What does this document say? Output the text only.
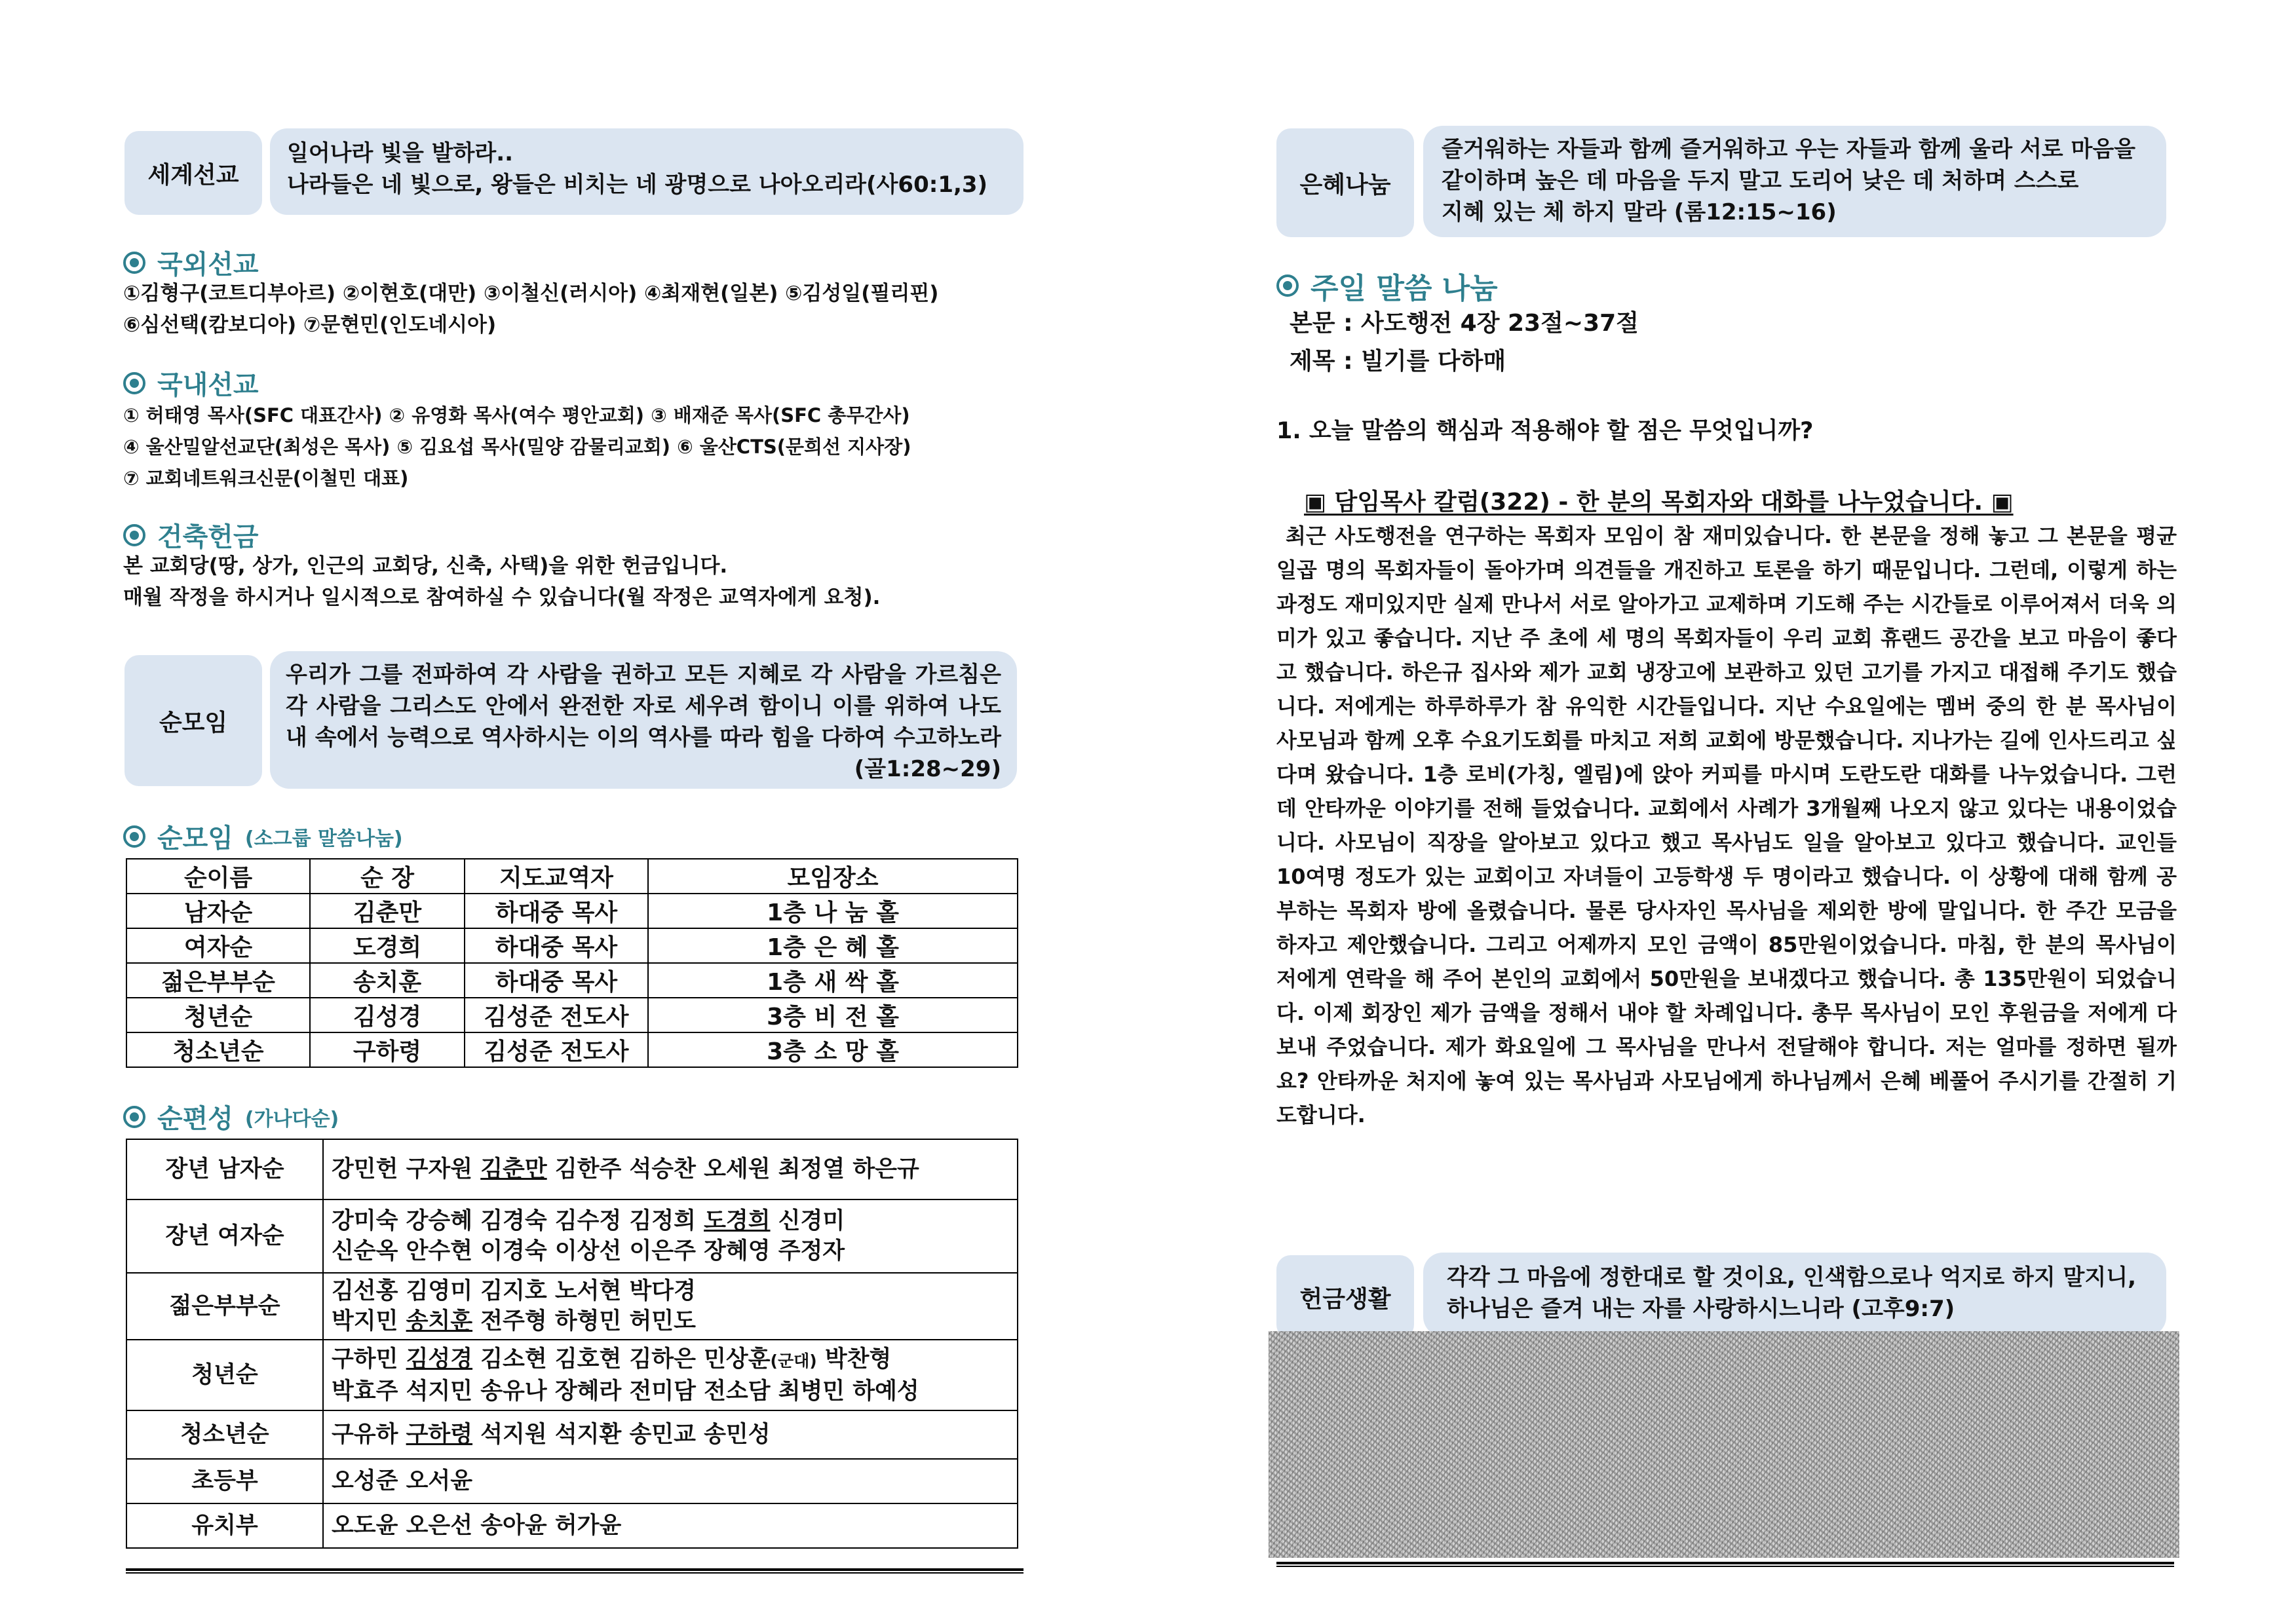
세계선교
일어나라 빛을 발하라..
나라들은 네 빛으로, 왕들은 비치는 네 광명으로 나아오리라(사60:1,3)
국외선교
①김형구(코트디부아르) ②이현호(대만) ③이철신(러시아) ④최재현(일본) ⑤김성일(필리핀)
⑥심선택(캄보디아) ⑦문현민(인도네시아)
국내선교
① 허태영 목사(SFC 대표간사) ② 유영화 목사(여수 평안교회) ③ 배재준 목사(SFC 총무간사)
④ 울산밀알선교단(최성은 목사) ⑤ 김요섭 목사(밀양 감물리교회) ⑥ 울산CTS(문희선 지사장)
⑦ 교회네트워크신문(이철민 대표)
건축헌금
본 교회당(땅, 상가, 인근의 교회당, 신축, 사택)을 위한 헌금입니다.
매월 작정을 하시거나 일시적으로 참여하실 수 있습니다(월 작정은 교역자에게 요청).
순모임
우리가 그를 전파하여 각 사람을 권하고 모든 지혜로 각 사람을 가르침은
각 사람을 그리스도 안에서 완전한 자로 세우려 함이니 이를 위하여 나도
내 속에서 능력으로 역사하시는 이의 역사를 따라 힘을 다하여 수고하노라
(골1:28~29)
순모임 (소그룹 말씀나눔)
순이름	순 장	지도교역자	모임장소
남자순	김춘만	하대중 목사	1층 나 눔 홀
여자순	도경희	하대중 목사	1층 은 혜 홀
젊은부부순	송치훈	하대중 목사	1층 새 싹 홀
청년순	김성경	김성준 전도사	3층 비 전 홀
청소년순	구하령	김성준 전도사	3층 소 망 홀
순편성 (가나다순)
장년 남자순	강민헌 구자원 김춘만 김한주 석승찬 오세원 최정열 하은규
장년 여자순	강미숙 강승혜 김경숙 김수정 김정희 도경희 신경미
신순옥 안수현 이경숙 이상선 이은주 장혜영 주정자

젊은부부순	김선홍 김영미 김지호 노서현 박다경
박지민 송치훈 전주형 하형민 허민도

청년순	구하민 김성경 김소현 김호현 김하은 민상훈(군대) 박찬형
박효주 석지민 송유나 장혜라 전미담 전소담 최병민 하예성

청소년순	구유하 구하령 석지원 석지환 송민교 송민성
초등부	오성준 오서윤
유치부	오도윤 오은선 송아윤 허가윤
은혜나눔
즐거워하는 자들과 함께 즐거워하고 우는 자들과 함께 울라 서로 마음을
같이하며 높은 데 마음을 두지 말고 도리어 낮은 데 처하며 스스로
지혜 있는 체 하지 말라 (롬12:15~16)
주일 말씀 나눔
본문 : 사도행전 4장 23절~37절
제목 : 빌기를 다하매
1. 오늘 말씀의 핵심과 적용해야 할 점은 무엇입니까?
▣ 담임목사 칼럼(322) - 한 분의 목회자와 대화를 나누었습니다. ▣

최근 사도행전을 연구하는 목회자 모임이 참 재미있습니다. 한 본문을 정해 놓고 그 본문을 평균 일곱 명의 목회자들이 돌아가며 의견들을 개진하고 토론을 하기 때문입니다. 그런데, 이렇게 하는 과정도 재미있지만 실제 만나서 서로 알아가고 교제하며 기도해 주는 시간들로 이루어져서 더욱 의미가 있고 좋습니다. 지난 주 초에 세 명의 목회자들이 우리 교회 휴랜드 공간을 보고 마음이 좋다고 했습니다. 하은규 집사와 제가 교회 냉장고에 보관하고 있던 고기를 가지고 대접해 주기도 했습니다. 저에게는 하루하루가 참 유익한 시간들입니다. 지난 수요일에는 멤버 중의 한 분 목사님이 사모님과 함께 오후 수요기도회를 마치고 저희 교회에 방문했습니다. 지나가는 길에 인사드리고 싶다며 왔습니다. 1층 로비(가칭, 엘림)에 앉아 커피를 마시며 도란도란 대화를 나누었습니다. 그런데 안타까운 이야기를 전해 들었습니다. 교회에서 사례가 3개월째 나오지 않고 있다는 내용이었습니다. 사모님이 직장을 알아보고 있다고 했고 목사님도 일을 알아보고 있다고 했습니다. 교인들 10여명 정도가 있는 교회이고 자녀들이 고등학생 두 명이라고 했습니다. 이 상황에 대해 함께 공부하는 목회자 방에 올렸습니다. 물론 당사자인 목사님을 제외한 방에 말입니다. 한 주간 모금을 하자고 제안했습니다. 그리고 어제까지 모인 금액이 85만원이었습니다. 마침, 한 분의 목사님이 저에게 연락을 해 주어 본인의 교회에서 50만원을 보내겠다고 했습니다. 총 135만원이 되었습니다. 이제 회장인 제가 금액을 정해서 내야 할 차례입니다. 총무 목사님이 모인 후원금을 저에게 다 보내 주었습니다. 제가 화요일에 그 목사님을 만나서 전달해야 합니다. 저는 얼마를 정하면 될까요? 안타까운 처지에 놓여 있는 목사님과 사모님에게 하나님께서 은혜 베풀어 주시기를 간절히 기도합니다.

헌금생활
각각 그 마음에 정한대로 할 것이요, 인색함으로나 억지로 하지 말지니,
하나님은 즐겨 내는 자를 사랑하시느니라 (고후9:7)
